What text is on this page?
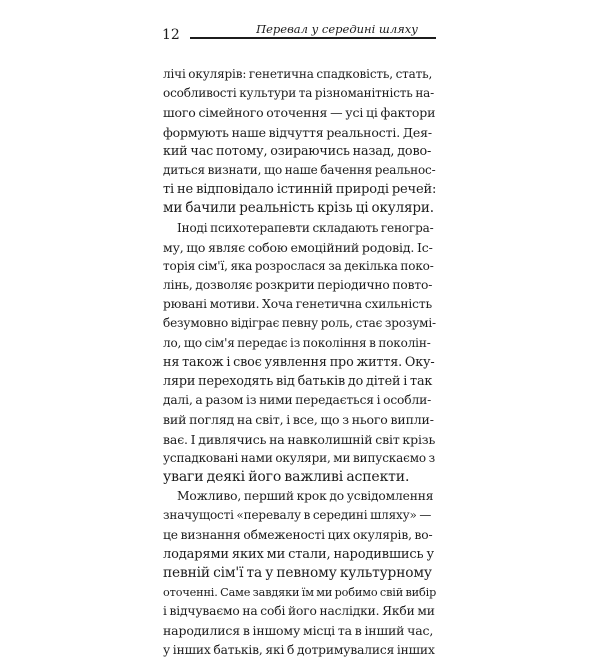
12	Перевал у середині шляху
лічі окулярів: генетична спадковість, стать,
особливості культури та різноманітність на-
шого сімейного оточення — усі ці фактори
формують наше відчуття реальності. Дея-
кий час потому, озираючись назад, дово-
диться визнати, що наше бачення реальнос-
ті не відповідало істинній природі речей:
ми бачили реальність крізь ці окуляри.
Іноді психотерапевти складають геногра-
му, що являє собою емоційний родовід. Іс-
торія сім'ї, яка розрослася за декілька поко-
лінь, дозволяє розкрити періодично повто-
рювані мотиви. Хоча генетична схильність
безумовно відіграє певну роль, стає зрозумі-
ло, що сім'я передає із покоління в поколін-
ня також і своє уявлення про життя. Оку-
ляри переходять від батьків до дітей і так
далі, а разом із ними передається і особли-
вий погляд на світ, і все, що з нього випли-
ває. І дивлячись на навколишній світ крізь
успадковані нами окуляри, ми випускаємо з
уваги деякі його важливі аспекти.
Можливо, перший крок до усвідомлення
значущості «перевалу в середині шляху» —
це визнання обмеженості цих окулярів, во-
лодарями яких ми стали, народившись у
певній сім'ї та у певному культурному
оточенні. Саме завдяки їм ми робимо свій вибір
і відчуваємо на собі його наслідки. Якби ми
народилися в іншому місці та в інший час,
у інших батьків, які б дотримувалися інших
